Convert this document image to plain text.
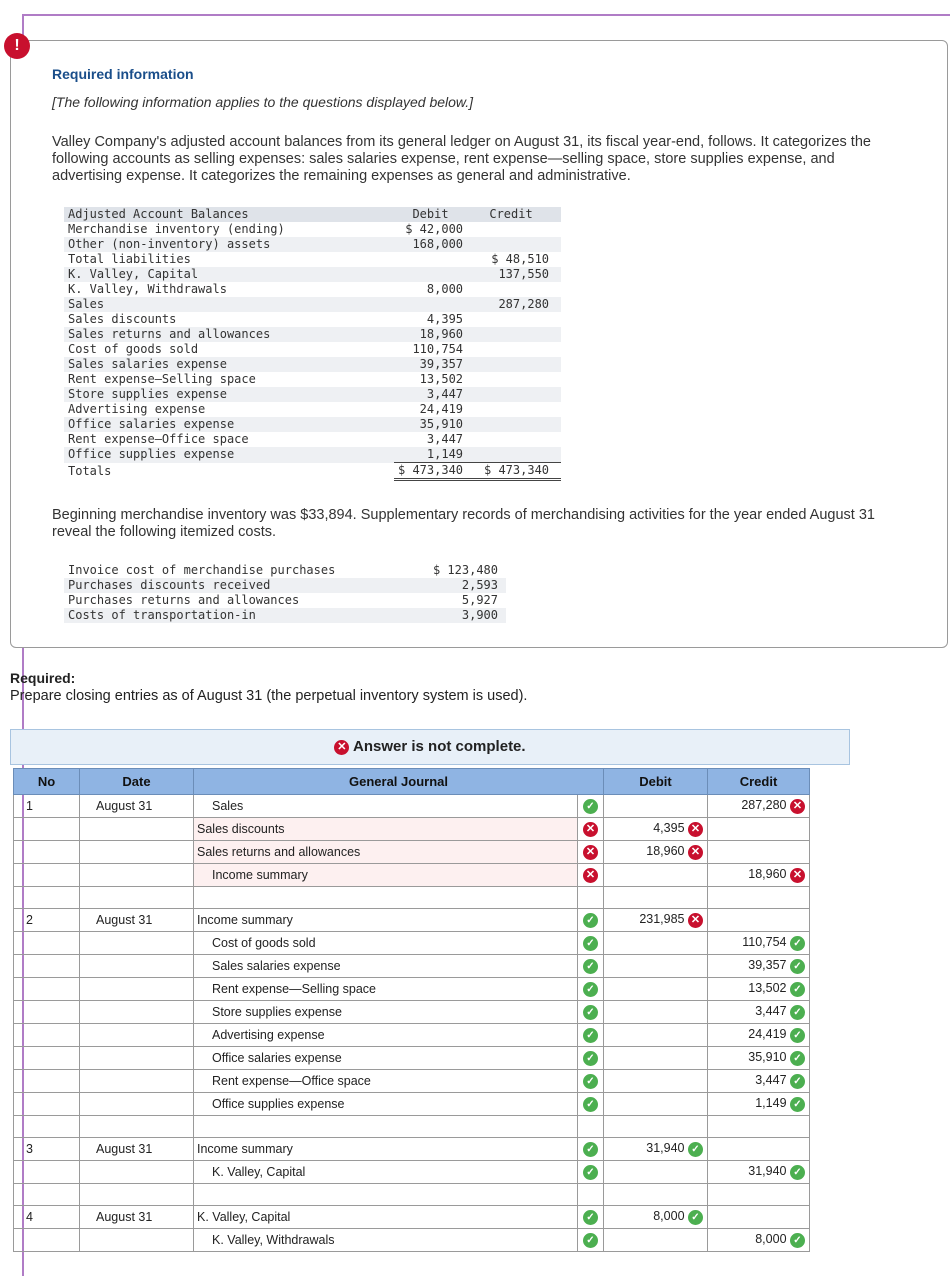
!
Required information
[The following information applies to the questions displayed below.]
Valley Company's adjusted account balances from its general ledger on August 31, its fiscal year-end, follows. It categorizes the following accounts as selling expenses: sales salaries expense, rent expense—selling space, store supplies expense, and advertising expense. It categorizes the remaining expenses as general and administrative.
Adjusted Account Balances	Debit	Credit
Merchandise inventory (ending)	$ 42,000	
Other (non-inventory) assets	168,000	
Total liabilities		$ 48,510
K. Valley, Capital		137,550
K. Valley, Withdrawals	8,000	
Sales		287,280
Sales discounts	4,395	
Sales returns and allowances	18,960	
Cost of goods sold	110,754	
Sales salaries expense	39,357	
Rent expense—Selling space	13,502	
Store supplies expense	3,447	
Advertising expense	24,419	
Office salaries expense	35,910	
Rent expense—Office space	3,447	
Office supplies expense	1,149	
Totals	$ 473,340	$ 473,340
Beginning merchandise inventory was $33,894. Supplementary records of merchandising activities for the year ended August 31 reveal the following itemized costs.
Invoice cost of merchandise purchases	$ 123,480
Purchases discounts received	2,593
Purchases returns and allowances	5,927
Costs of transportation-in	3,900
Required:
Prepare closing entries as of August 31 (the perpetual inventory system is used).
✕ Answer is not complete.
No	Date	General Journal		Debit	Credit
1	August 31	Sales	✓		287,280 ✕
		Sales discounts	✕	4,395 ✕	
		Sales returns and allowances	✕	18,960 ✕	
		Income summary	✕		18,960 ✕

2	August 31	Income summary	✓	231,985 ✕	
		Cost of goods sold	✓		110,754 ✓
		Sales salaries expense	✓		39,357 ✓
		Rent expense—Selling space	✓		13,502 ✓
		Store supplies expense	✓		3,447 ✓
		Advertising expense	✓		24,419 ✓
		Office salaries expense	✓		35,910 ✓
		Rent expense—Office space	✓		3,447 ✓
		Office supplies expense	✓		1,149 ✓

3	August 31	Income summary	✓	31,940 ✓	
		K. Valley, Capital	✓		31,940 ✓

4	August 31	K. Valley, Capital	✓	8,000 ✓	
		K. Valley, Withdrawals	✓		8,000 ✓
